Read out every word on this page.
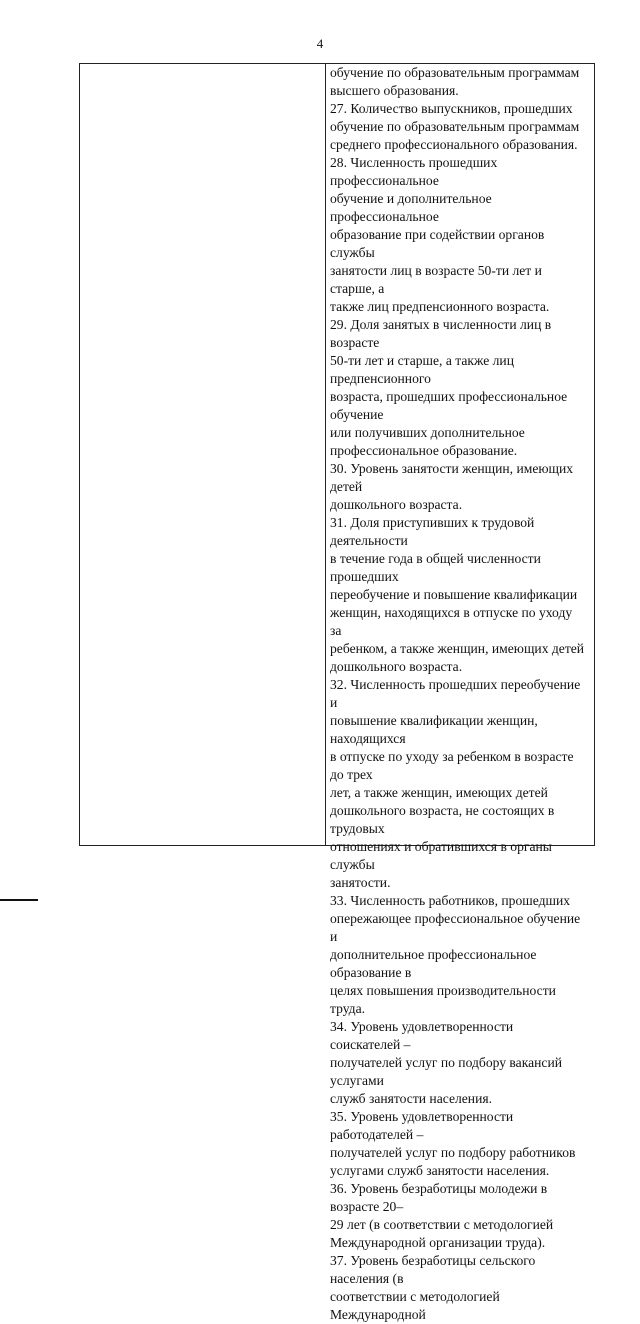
4

обучение по образовательным программам
высшего образования.

27. Количество выпускников, прошедших
обучение по образовательным программам
среднего профессионального образования.

28. Численность прошедших профессиональное
обучение и дополнительное профессиональное
образование при содействии органов службы
занятости лиц в возрасте 50-ти лет и старше, а
также лиц предпенсионного возраста.

29. Доля занятых в численности лиц в возрасте
50-ти лет и старше, а также лиц предпенсионного
возраста, прошедших профессиональное обучение
или получивших дополнительное
профессиональное образование.

30. Уровень занятости женщин, имеющих детей
дошкольного возраста.

31. Доля приступивших к трудовой деятельности
в течение года в общей численности прошедших
переобучение и повышение квалификации
женщин, находящихся в отпуске по уходу за
ребенком, а также женщин, имеющих детей
дошкольного возраста.

32. Численность прошедших переобучение и
повышение квалификации женщин, находящихся
в отпуске по уходу за ребенком в возрасте до трех
лет, а также женщин, имеющих детей
дошкольного возраста, не состоящих в трудовых
отношениях и обратившихся в органы службы
занятости.

33. Численность работников, прошедших
опережающее профессиональное обучение и
дополнительное профессиональное образование в
целях повышения производительности труда.

34. Уровень удовлетворенности соискателей –
получателей услуг по подбору вакансий услугами
служб занятости населения.

35. Уровень удовлетворенности работодателей –
получателей услуг по подбору работников
услугами служб занятости населения.

36. Уровень безработицы молодежи в возрасте 20–
29 лет (в соответствии с методологией
Международной организации труда).

37. Уровень безработицы сельского населения (в
соответствии с методологией Международной
